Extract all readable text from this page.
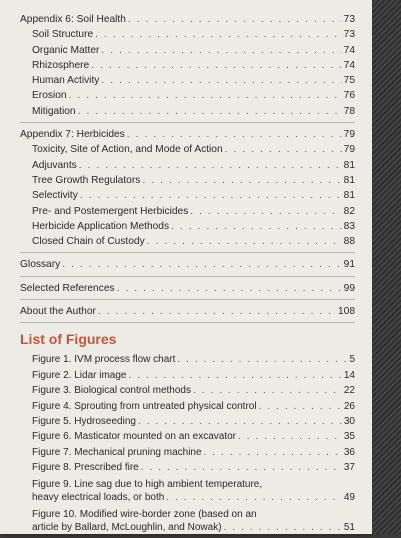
Appendix 6: Soil Health . . .	73
Soil Structure . . .	73
Organic Matter . . .	74
Rhizosphere . . .	74
Human Activity . . .	75
Erosion . . .	76
Mitigation . . .	78
Appendix 7: Herbicides . . .	79
Toxicity, Site of Action, and Mode of Action . . .	79
Adjuvants . . .	81
Tree Growth Regulators . . .	81
Selectivity . . .	81
Pre- and Postemergent Herbicides . . .	82
Herbicide Application Methods . . .	83
Closed Chain of Custody . . .	88
Glossary . . .	91
Selected References . . .	99
About the Author . . .	108
List of Figures
Figure 1. IVM process flow chart . . .	5
Figure 2. Lidar image . . .	14
Figure 3. Biological control methods . . .	22
Figure 4. Sprouting from untreated physical control . . .	26
Figure 5. Hydroseeding . . .	30
Figure 6. Masticator mounted on an excavator . . .	35
Figure 7. Mechanical pruning machine . . .	36
Figure 8. Prescribed fire . . .	37
Figure 9. Line sag due to high ambient temperature,
heavy electrical loads, or both . . .	49
Figure 10. Modified wire-border zone (based on an
article by Ballard, McLoughlin, and Nowak) . . .	51
